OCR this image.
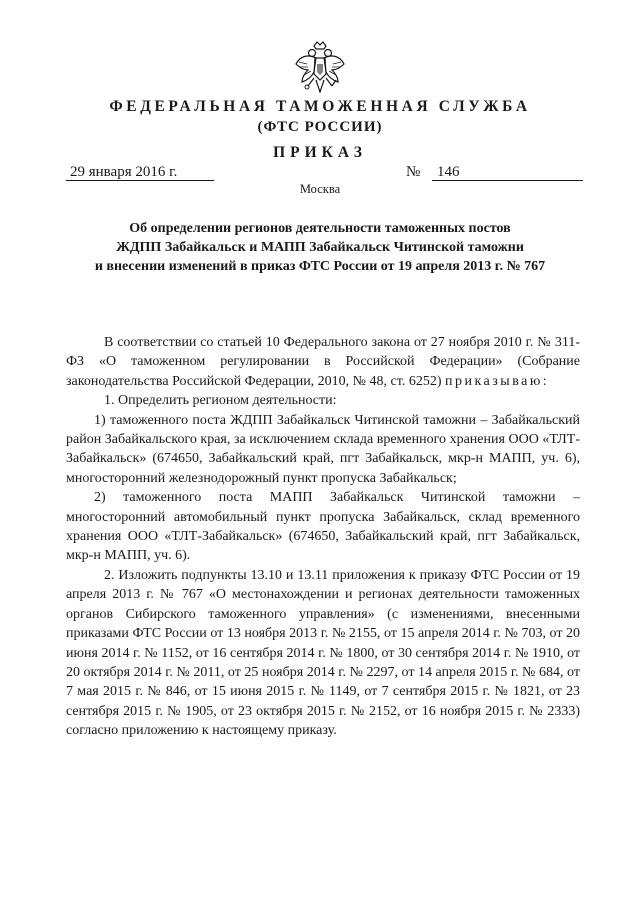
ФЕДЕРАЛЬНАЯ ТАМОЖЕННАЯ СЛУЖБА
(ФТС РОССИИ)
ПРИКАЗ
29 января 2016 г.	№	146
Москва
Об определении регионов деятельности таможенных постов
ЖДПП Забайкальск и МАПП Забайкальск Читинской таможни
и внесении изменений в приказ ФТС России от 19 апреля 2013 г. № 767

В соответствии со статьей 10 Федерального закона от 27 ноября 2010 г. № 311-ФЗ «О таможенном регулировании в Российской Федерации» (Собрание законодательства Российской Федерации, 2010, № 48, ст. 6252) приказываю:

1. Определить регионом деятельности:

1) таможенного поста ЖДПП Забайкальск Читинской таможни – Забайкальский район Забайкальского края, за исключением склада временного хранения ООО «ТЛТ-Забайкальск» (674650, Забайкальский край, пгт Забайкальск, мкр-н МАПП, уч. 6), многосторонний железнодорожный пункт пропуска Забайкальск;

2) таможенного поста МАПП Забайкальск Читинской таможни – многосторонний автомобильный пункт пропуска Забайкальск, склад временного хранения ООО «ТЛТ-Забайкальск» (674650, Забайкальский край, пгт Забайкальск, мкр-н МАПП, уч. 6).

2. Изложить подпункты 13.10 и 13.11 приложения к приказу ФТС России от 19 апреля 2013 г. № 767 «О местонахождении и регионах деятельности таможенных органов Сибирского таможенного управления» (с изменениями, внесенными приказами ФТС России от 13 ноября 2013 г. № 2155, от 15 апреля 2014 г. № 703, от 20 июня 2014 г. № 1152, от 16 сентября 2014 г. № 1800, от 30 сентября 2014 г. № 1910, от 20 октября 2014 г. № 2011, от 25 ноября 2014 г. № 2297, от 14 апреля 2015 г. № 684, от 7 мая 2015 г. № 846, от 15 июня 2015 г. № 1149, от 7 сентября 2015 г. № 1821, от 23 сентября 2015 г. № 1905, от 23 октября 2015 г. № 2152, от 16 ноября 2015 г. № 2333) согласно приложению к настоящему приказу.
